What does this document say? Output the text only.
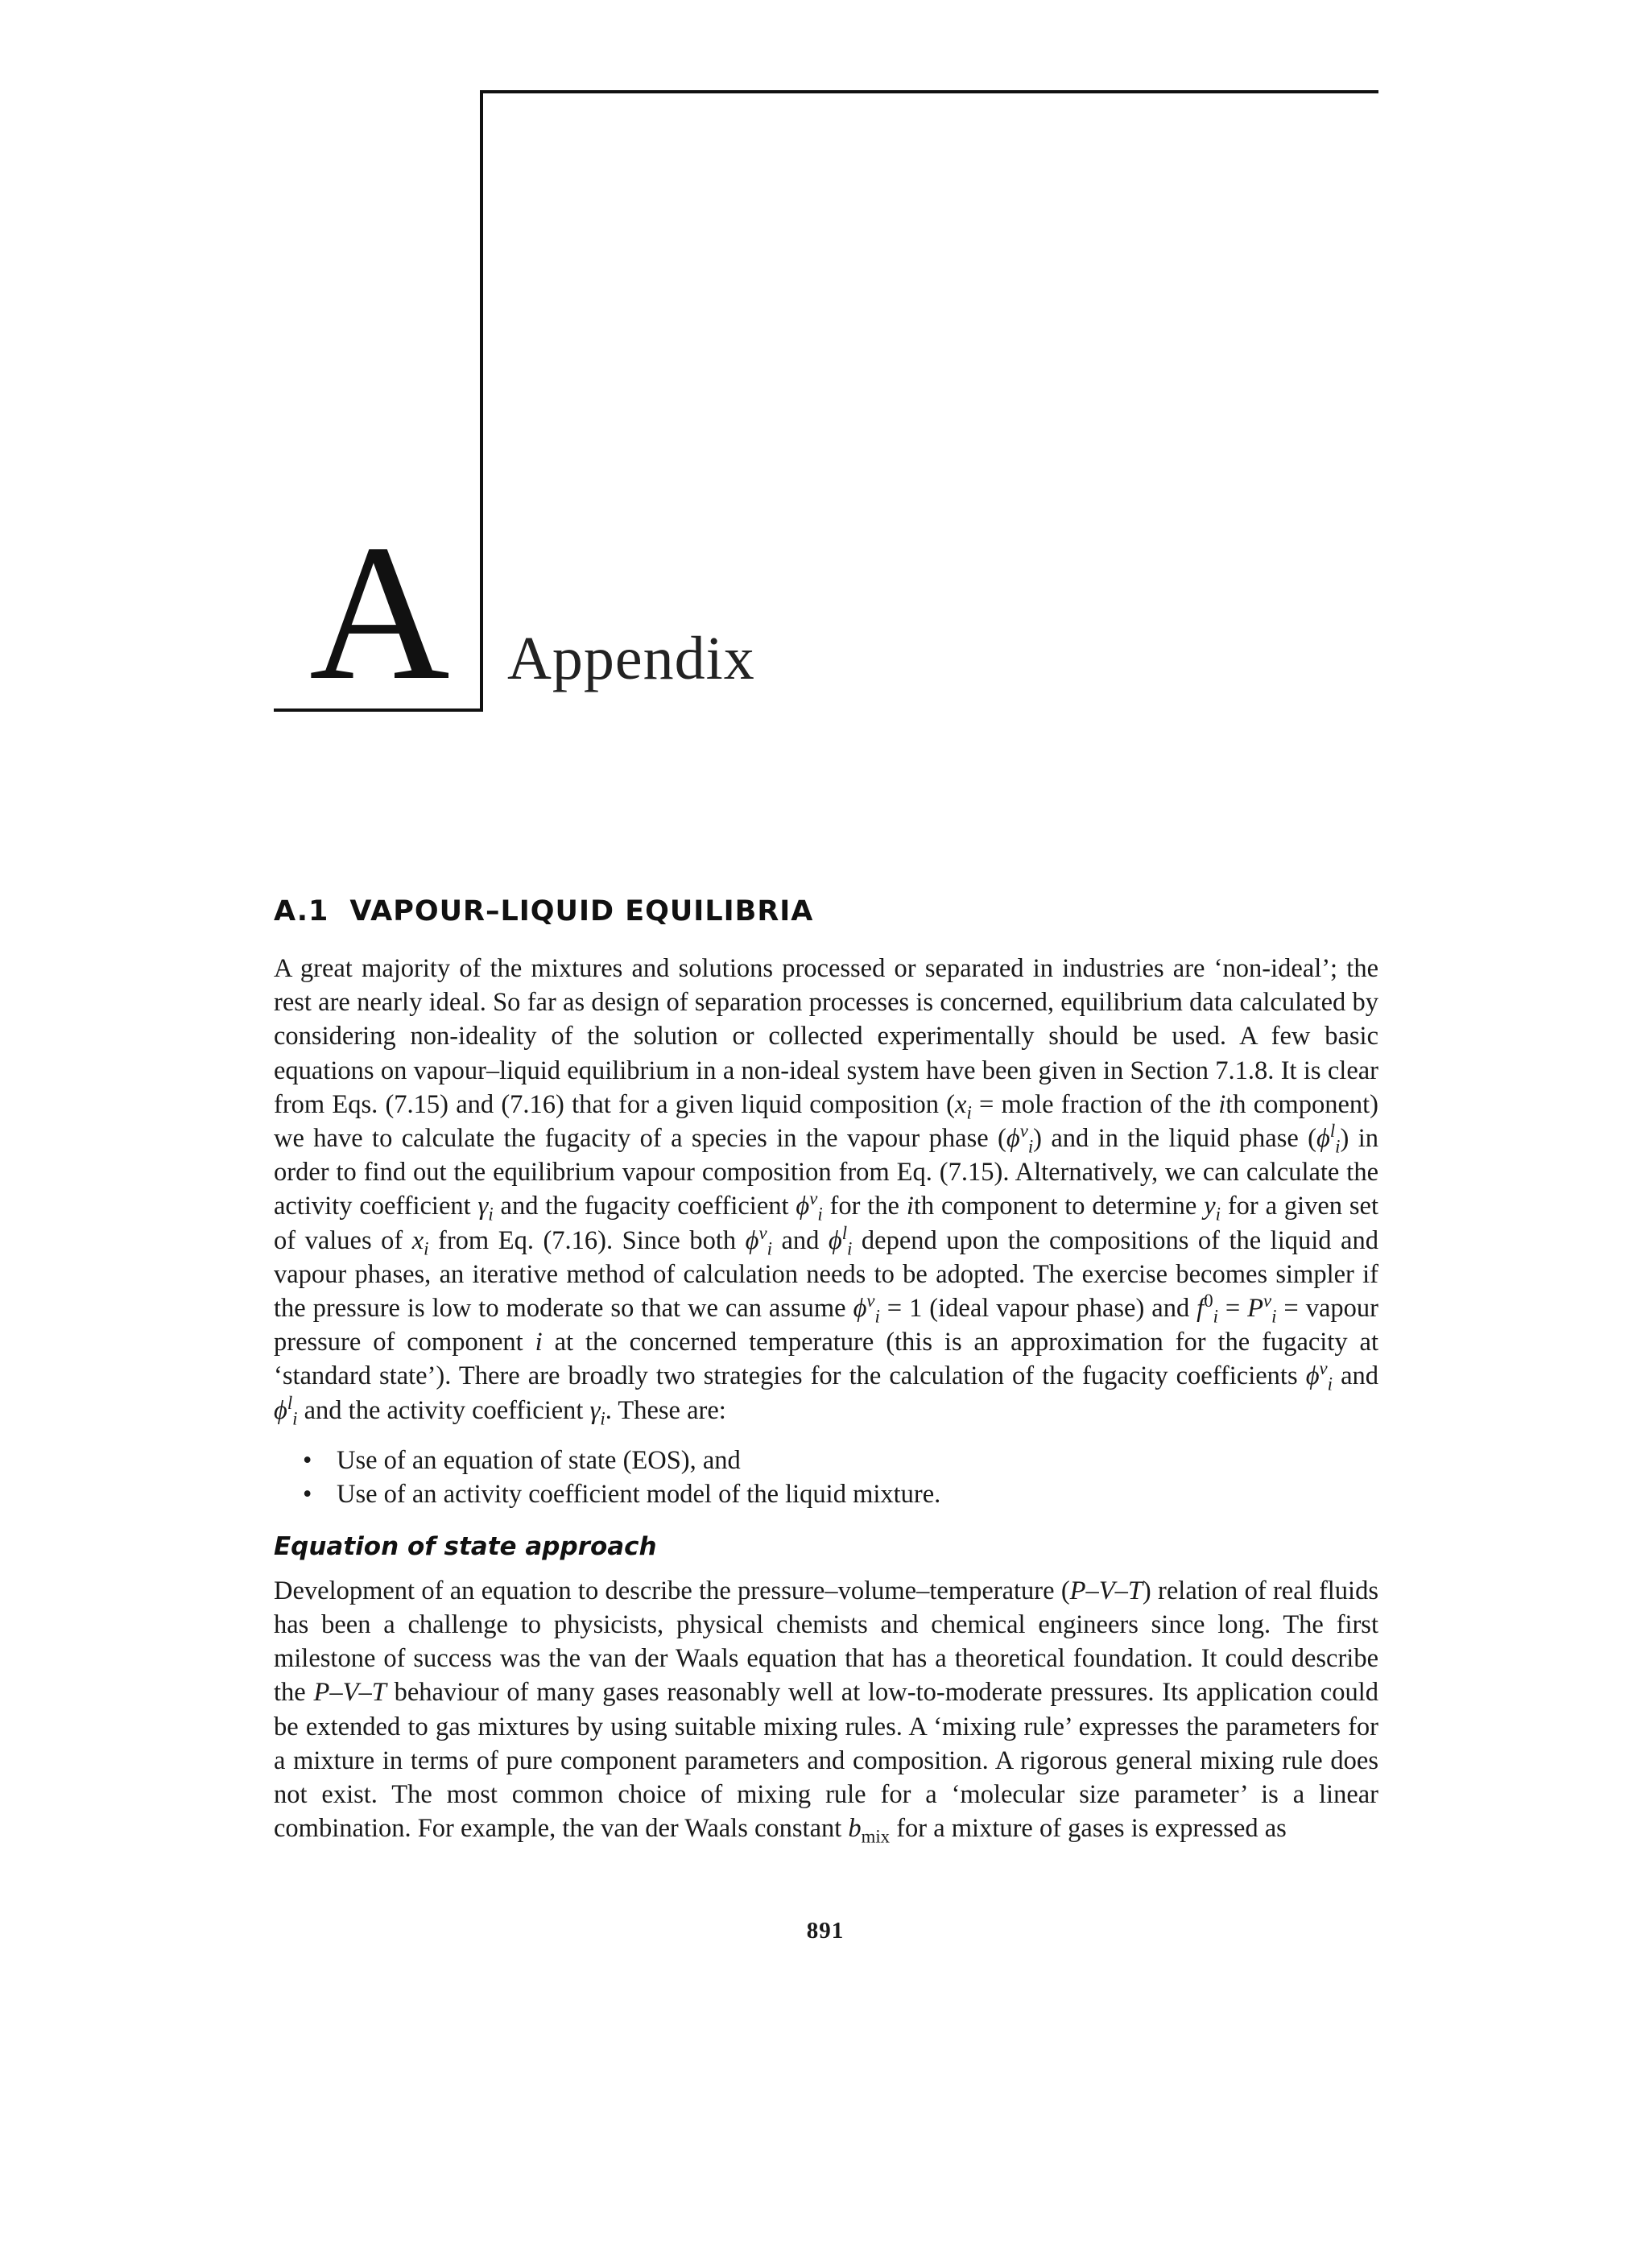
A Appendix
A.1 VAPOUR–LIQUID EQUILIBRIA

A great majority of the mixtures and solutions processed or separated in industries are ‘non-ideal’; the rest are nearly ideal. So far as design of separation processes is concerned, equilibrium data calculated by considering non-ideality of the solution or collected experimentally should be used. A few basic equations on vapour–liquid equilibrium in a non-ideal system have been given in Section 7.1.8. It is clear from Eqs. (7.15) and (7.16) that for a given liquid composition ($x_i$ = mole fraction of the ith component) we have to calculate the fugacity of a species in the vapour phase $(\phi^v_i)$ and in the liquid phase $(\phi^l_i)$ in order to find out the equilibrium vapour composition from Eq. (7.15). Alternatively, we can calculate the activity coefficient $\gamma_i$ and the fugacity coefficient $\phi^v_i$ for the ith component to determine $y_i$ for a given set of values of $x_i$ from Eq. (7.16). Since both $\phi^v_i$ and $\phi^l_i$ depend upon the compositions of the liquid and vapour phases, an iterative method of calculation needs to be adopted. The exercise becomes simpler if the pressure is low to moderate so that we can assume $\phi^v_i = 1$ (ideal vapour phase) and $f^0_i = P^v_i$ = vapour pressure of component i at the concerned temperature (this is an approximation for the fugacity at ‘standard state’). There are broadly two strategies for the calculation of the fugacity coefficients $\phi^v_i$ and $\phi^l_i$ and the activity coefficient $\gamma_i$. These are:

• Use of an equation of state (EOS), and
• Use of an activity coefficient model of the liquid mixture.
Equation of state approach

Development of an equation to describe the pressure–volume–temperature (P–V–T) relation of real fluids has been a challenge to physicists, physical chemists and chemical engineers since long. The first milestone of success was the van der Waals equation that has a theoretical foundation. It could describe the P–V–T behaviour of many gases reasonably well at low-to-moderate pressures. Its application could be extended to gas mixtures by using suitable mixing rules. A ‘mixing rule’ expresses the parameters for a mixture in terms of pure component parameters and composition. A rigorous general mixing rule does not exist. The most common choice of mixing rule for a ‘molecular size parameter’ is a linear combination. For example, the van der Waals constant $b_{mix}$ for a mixture of gases is expressed as

891
